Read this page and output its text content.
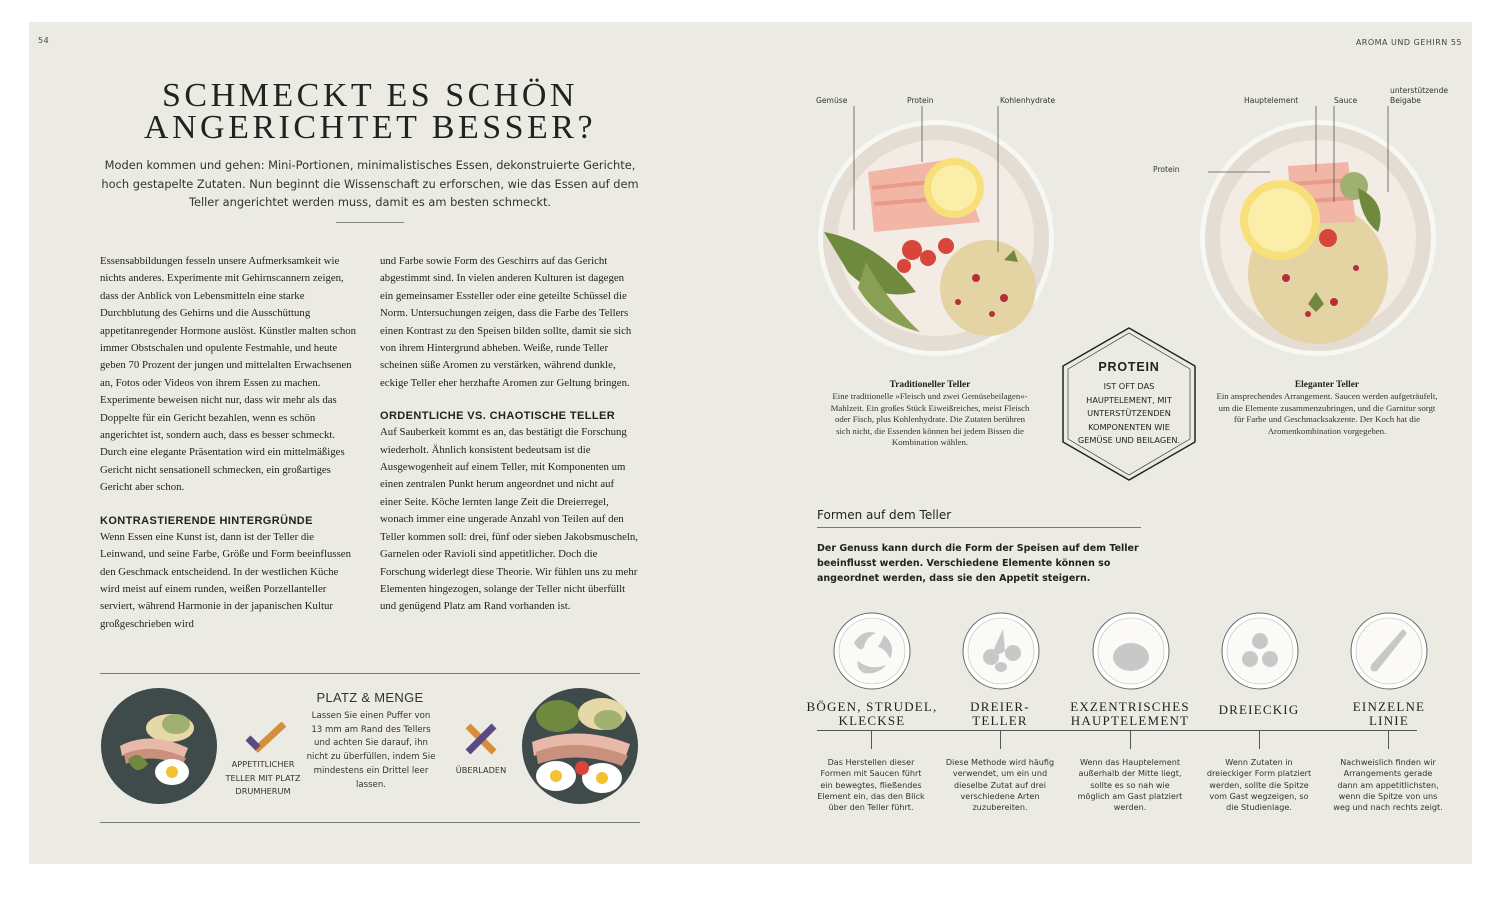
54	AROMA UND GEHIRN 55
SCHMECKT ES SCHÖN
ANGERICHTET BESSER?
Moden kommen und gehen: Mini-Portionen, minimalistisches Essen, dekonstruierte Gerichte, hoch gestapelte Zutaten. Nun beginnt die Wissenschaft zu erforschen, wie das Essen auf dem Teller angerichtet werden muss, damit es am besten schmeckt.

Essensabbildungen fesseln unsere Aufmerksamkeit wie nichts anderes. Experimente mit Gehirnscannern zeigen, dass der Anblick von Lebensmitteln eine starke Durchblutung des Gehirns und die Ausschüttung appetitanregender Hormone auslöst. Künstler malten schon immer Obstschalen und opulente Festmahle, und heute geben 70 Prozent der jungen und mittelalten Erwachsenen an, Fotos oder Videos von ihrem Essen zu machen. Experimente beweisen nicht nur, dass wir mehr als das Doppelte für ein Gericht bezahlen, wenn es schön angerichtet ist, sondern auch, dass es besser schmeckt. Durch eine elegante Präsentation wird ein mittelmäßiges Gericht nicht sensationell schmecken, ein großartiges Gericht aber schon.

KONTRASTIERENDE HINTERGRÜNDE

Wenn Essen eine Kunst ist, dann ist der Teller die Leinwand, und seine Farbe, Größe und Form beeinflussen den Geschmack entscheidend. In der westlichen Küche wird meist auf einem runden, weißen Porzellanteller serviert, während Harmonie in der japanischen Kultur großgeschrieben wird

und Farbe sowie Form des Geschirrs auf das Gericht abgestimmt sind. In vielen anderen Kulturen ist dagegen ein gemeinsamer Essteller oder eine geteilte Schüssel die Norm. Untersuchungen zeigen, dass die Farbe des Tellers einen Kontrast zu den Speisen bilden sollte, damit sie sich von ihrem Hintergrund abheben. Weiße, runde Teller scheinen süße Aromen zu verstärken, während dunkle, eckige Teller eher herzhafte Aromen zur Geltung bringen.

ORDENTLICHE VS. CHAOTISCHE TELLER

Auf Sauberkeit kommt es an, das bestätigt die Forschung wiederholt. Ähnlich konsistent bedeutsam ist die Ausgewogenheit auf einem Teller, mit Komponenten um einen zentralen Punkt herum angeordnet und nicht auf einer Seite. Köche lernten lange Zeit die Dreierregel, wonach immer eine ungerade Anzahl von Teilen auf den Teller kommen soll: drei, fünf oder sieben Jakobsmuscheln, Garnelen oder Ravioli sind appetitlicher. Doch die Forschung widerlegt diese Theorie. Wir fühlen uns zu mehr Elementen hingezogen, solange der Teller nicht überfüllt und genügend Platz am Rand vorhanden ist.

APPETITLICHER TELLER MIT PLATZ DRUMHERUM
PLATZ & MENGE
Lassen Sie einen Puffer von 13 mm am Rand des Tellers und achten Sie darauf, ihn nicht zu überfüllen, indem Sie mindestens ein Drittel leer lassen.
ÜBERLADEN
Gemüse	Protein	Kohlenhydrate	Hauptelement	Sauce
unterstützende Beigabe
Protein
Traditioneller Teller
Eine traditionelle »Fleisch und zwei Gemüsebeilagen«-Mahlzeit. Ein großes Stück Eiweißreiches, meist Fleisch oder Fisch, plus Kohlenhydrate. Die Zutaten berühren sich nicht, die Essenden können bei jedem Bissen die Kombination wählen.
Eleganter Teller
Ein ansprechendes Arrangement. Saucen werden aufgeträufelt, um die Elemente zusammenzubringen, und die Garnitur sorgt für Farbe und Geschmacksakzente. Der Koch hat die Aromenkombination vorgegeben.
PROTEIN
IST OFT DAS HAUPTELEMENT, MIT UNTERSTÜTZENDEN KOMPONENTEN WIE GEMÜSE UND BEILAGEN.
Formen auf dem Teller
Der Genuss kann durch die Form der Speisen auf dem Teller beeinflusst werden. Verschiedene Elemente können so angeordnet werden, dass sie den Appetit steigern.
BÖGEN, STRUDEL, KLECKSE
DREIER-TELLER
EXZENTRISCHES HAUPTELEMENT
DREIECKIG	EINZELNE LINIE
Das Herstellen dieser Formen mit Saucen führt ein bewegtes, fließendes Element ein, das den Blick über den Teller führt.
Diese Methode wird häufig verwendet, um ein und dieselbe Zutat auf drei verschiedene Arten zuzubereiten.
Wenn das Hauptelement außerhalb der Mitte liegt, sollte es so nah wie möglich am Gast platziert werden.
Wenn Zutaten in dreieckiger Form platziert werden, sollte die Spitze vom Gast wegzeigen, so die Studienlage.
Nachweislich finden wir Arrangements gerade dann am appetitlichsten, wenn die Spitze von uns weg und nach rechts zeigt.
